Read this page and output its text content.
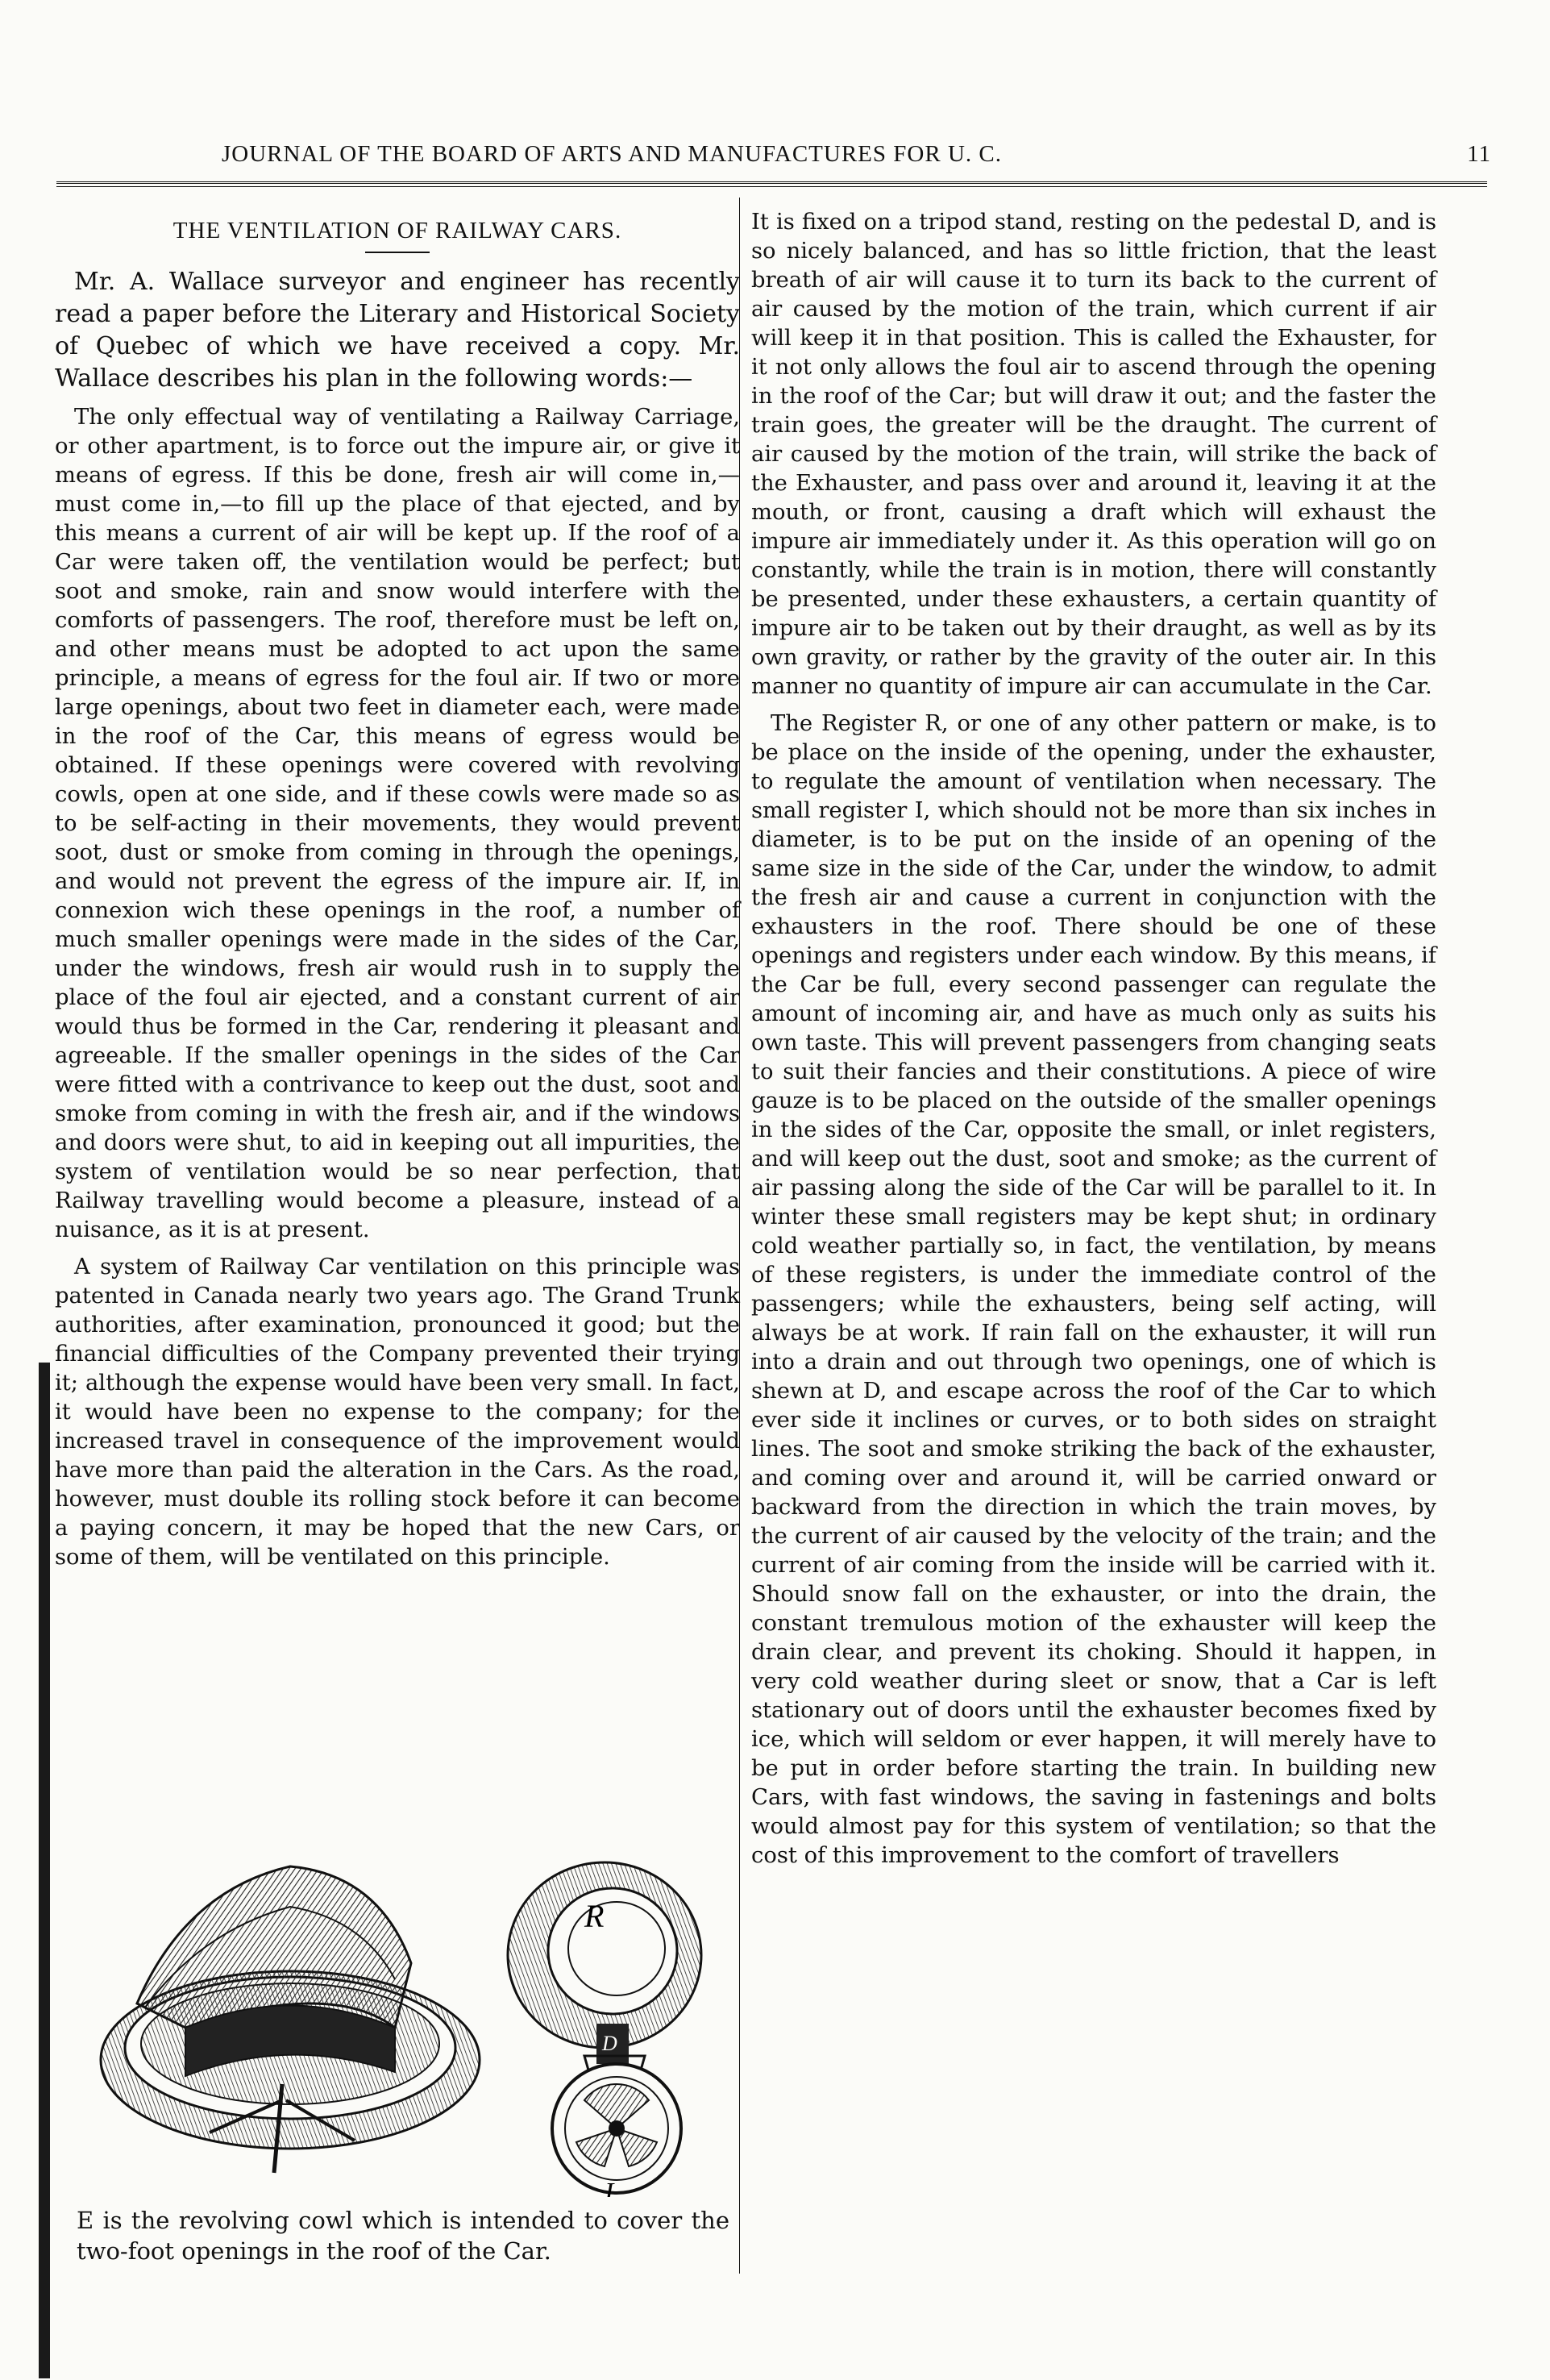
JOURNAL OF THE BOARD OF ARTS AND MANUFACTURES FOR U. C.	11
THE VENTILATION OF RAILWAY CARS.

Mr. A. Wallace surveyor and engineer has recently read a paper before the Literary and Historical Society of Quebec of which we have received a copy. Mr. Wallace describes his plan in the following words:—

The only effectual way of ventilating a Railway Carriage, or other apartment, is to force out the impure air, or give it means of egress. If this be done, fresh air will come in,—must come in,—to fill up the place of that ejected, and by this means a current of air will be kept up. If the roof of a Car were taken off, the ventilation would be perfect; but soot and smoke, rain and snow would interfere with the comforts of passengers. The roof, therefore must be left on, and other means must be adopted to act upon the same principle, a means of egress for the foul air. If two or more large openings, about two feet in diameter each, were made in the roof of the Car, this means of egress would be obtained. If these openings were covered with revolving cowls, open at one side, and if these cowls were made so as to be self-acting in their movements, they would prevent soot, dust or smoke from coming in through the openings, and would not prevent the egress of the impure air. If, in connexion wich these openings in the roof, a number of much smaller openings were made in the sides of the Car, under the windows, fresh air would rush in to supply the place of the foul air ejected, and a constant current of air would thus be formed in the Car, rendering it pleasant and agreeable. If the smaller openings in the sides of the Car were fitted with a contrivance to keep out the dust, soot and smoke from coming in with the fresh air, and if the windows and doors were shut, to aid in keeping out all impurities, the system of ventilation would be so near perfection, that Railway travelling would become a pleasure, instead of a nuisance, as it is at present.

A system of Railway Car ventilation on this principle was patented in Canada nearly two years ago. The Grand Trunk authorities, after examination, pronounced it good; but the financial difficulties of the Company prevented their trying it; although the expense would have been very small. In fact, it would have been no expense to the company; for the increased travel in consequence of the improvement would have more than paid the alteration in the Cars. As the road, however, must double its rolling stock before it can become a paying concern, it may be hoped that the new Cars, or some of them, will be ventilated on this principle.

R
I
D

E is the revolving cowl which is intended to cover the two-foot openings in the roof of the Car.

It is fixed on a tripod stand, resting on the pedestal D, and is so nicely balanced, and has so little friction, that the least breath of air will cause it to turn its back to the current of air caused by the motion of the train, which current if air will keep it in that position. This is called the Exhauster, for it not only allows the foul air to ascend through the opening in the roof of the Car; but will draw it out; and the faster the train goes, the greater will be the draught. The current of air caused by the motion of the train, will strike the back of the Exhauster, and pass over and around it, leaving it at the mouth, or front, causing a draft which will exhaust the impure air immediately under it. As this operation will go on constantly, while the train is in motion, there will constantly be presented, under these exhausters, a certain quantity of impure air to be taken out by their draught, as well as by its own gravity, or rather by the gravity of the outer air. In this manner no quantity of impure air can accumulate in the Car.

The Register R, or one of any other pattern or make, is to be place on the inside of the opening, under the exhauster, to regulate the amount of ventilation when necessary. The small register I, which should not be more than six inches in diameter, is to be put on the inside of an opening of the same size in the side of the Car, under the window, to admit the fresh air and cause a current in conjunction with the exhausters in the roof. There should be one of these openings and registers under each window. By this means, if the Car be full, every second passenger can regulate the amount of incoming air, and have as much only as suits his own taste. This will prevent passengers from changing seats to suit their fancies and their constitutions. A piece of wire gauze is to be placed on the outside of the smaller openings in the sides of the Car, opposite the small, or inlet registers, and will keep out the dust, soot and smoke; as the current of air passing along the side of the Car will be parallel to it. In winter these small registers may be kept shut; in ordinary cold weather partially so, in fact, the ventilation, by means of these registers, is under the immediate control of the passengers; while the exhausters, being self acting, will always be at work. If rain fall on the exhauster, it will run into a drain and out through two openings, one of which is shewn at D, and escape across the roof of the Car to which ever side it inclines or curves, or to both sides on straight lines. The soot and smoke striking the back of the exhauster, and coming over and around it, will be carried onward or backward from the direction in which the train moves, by the current of air caused by the velocity of the train; and the current of air coming from the inside will be carried with it. Should snow fall on the exhauster, or into the drain, the constant tremulous motion of the exhauster will keep the drain clear, and prevent its choking. Should it happen, in very cold weather during sleet or snow, that a Car is left stationary out of doors until the exhauster becomes fixed by ice, which will seldom or ever happen, it will merely have to be put in order before starting the train. In building new Cars, with fast windows, the saving in fastenings and bolts would almost pay for this system of ventilation; so that the cost of this improvement to the comfort of travellers
